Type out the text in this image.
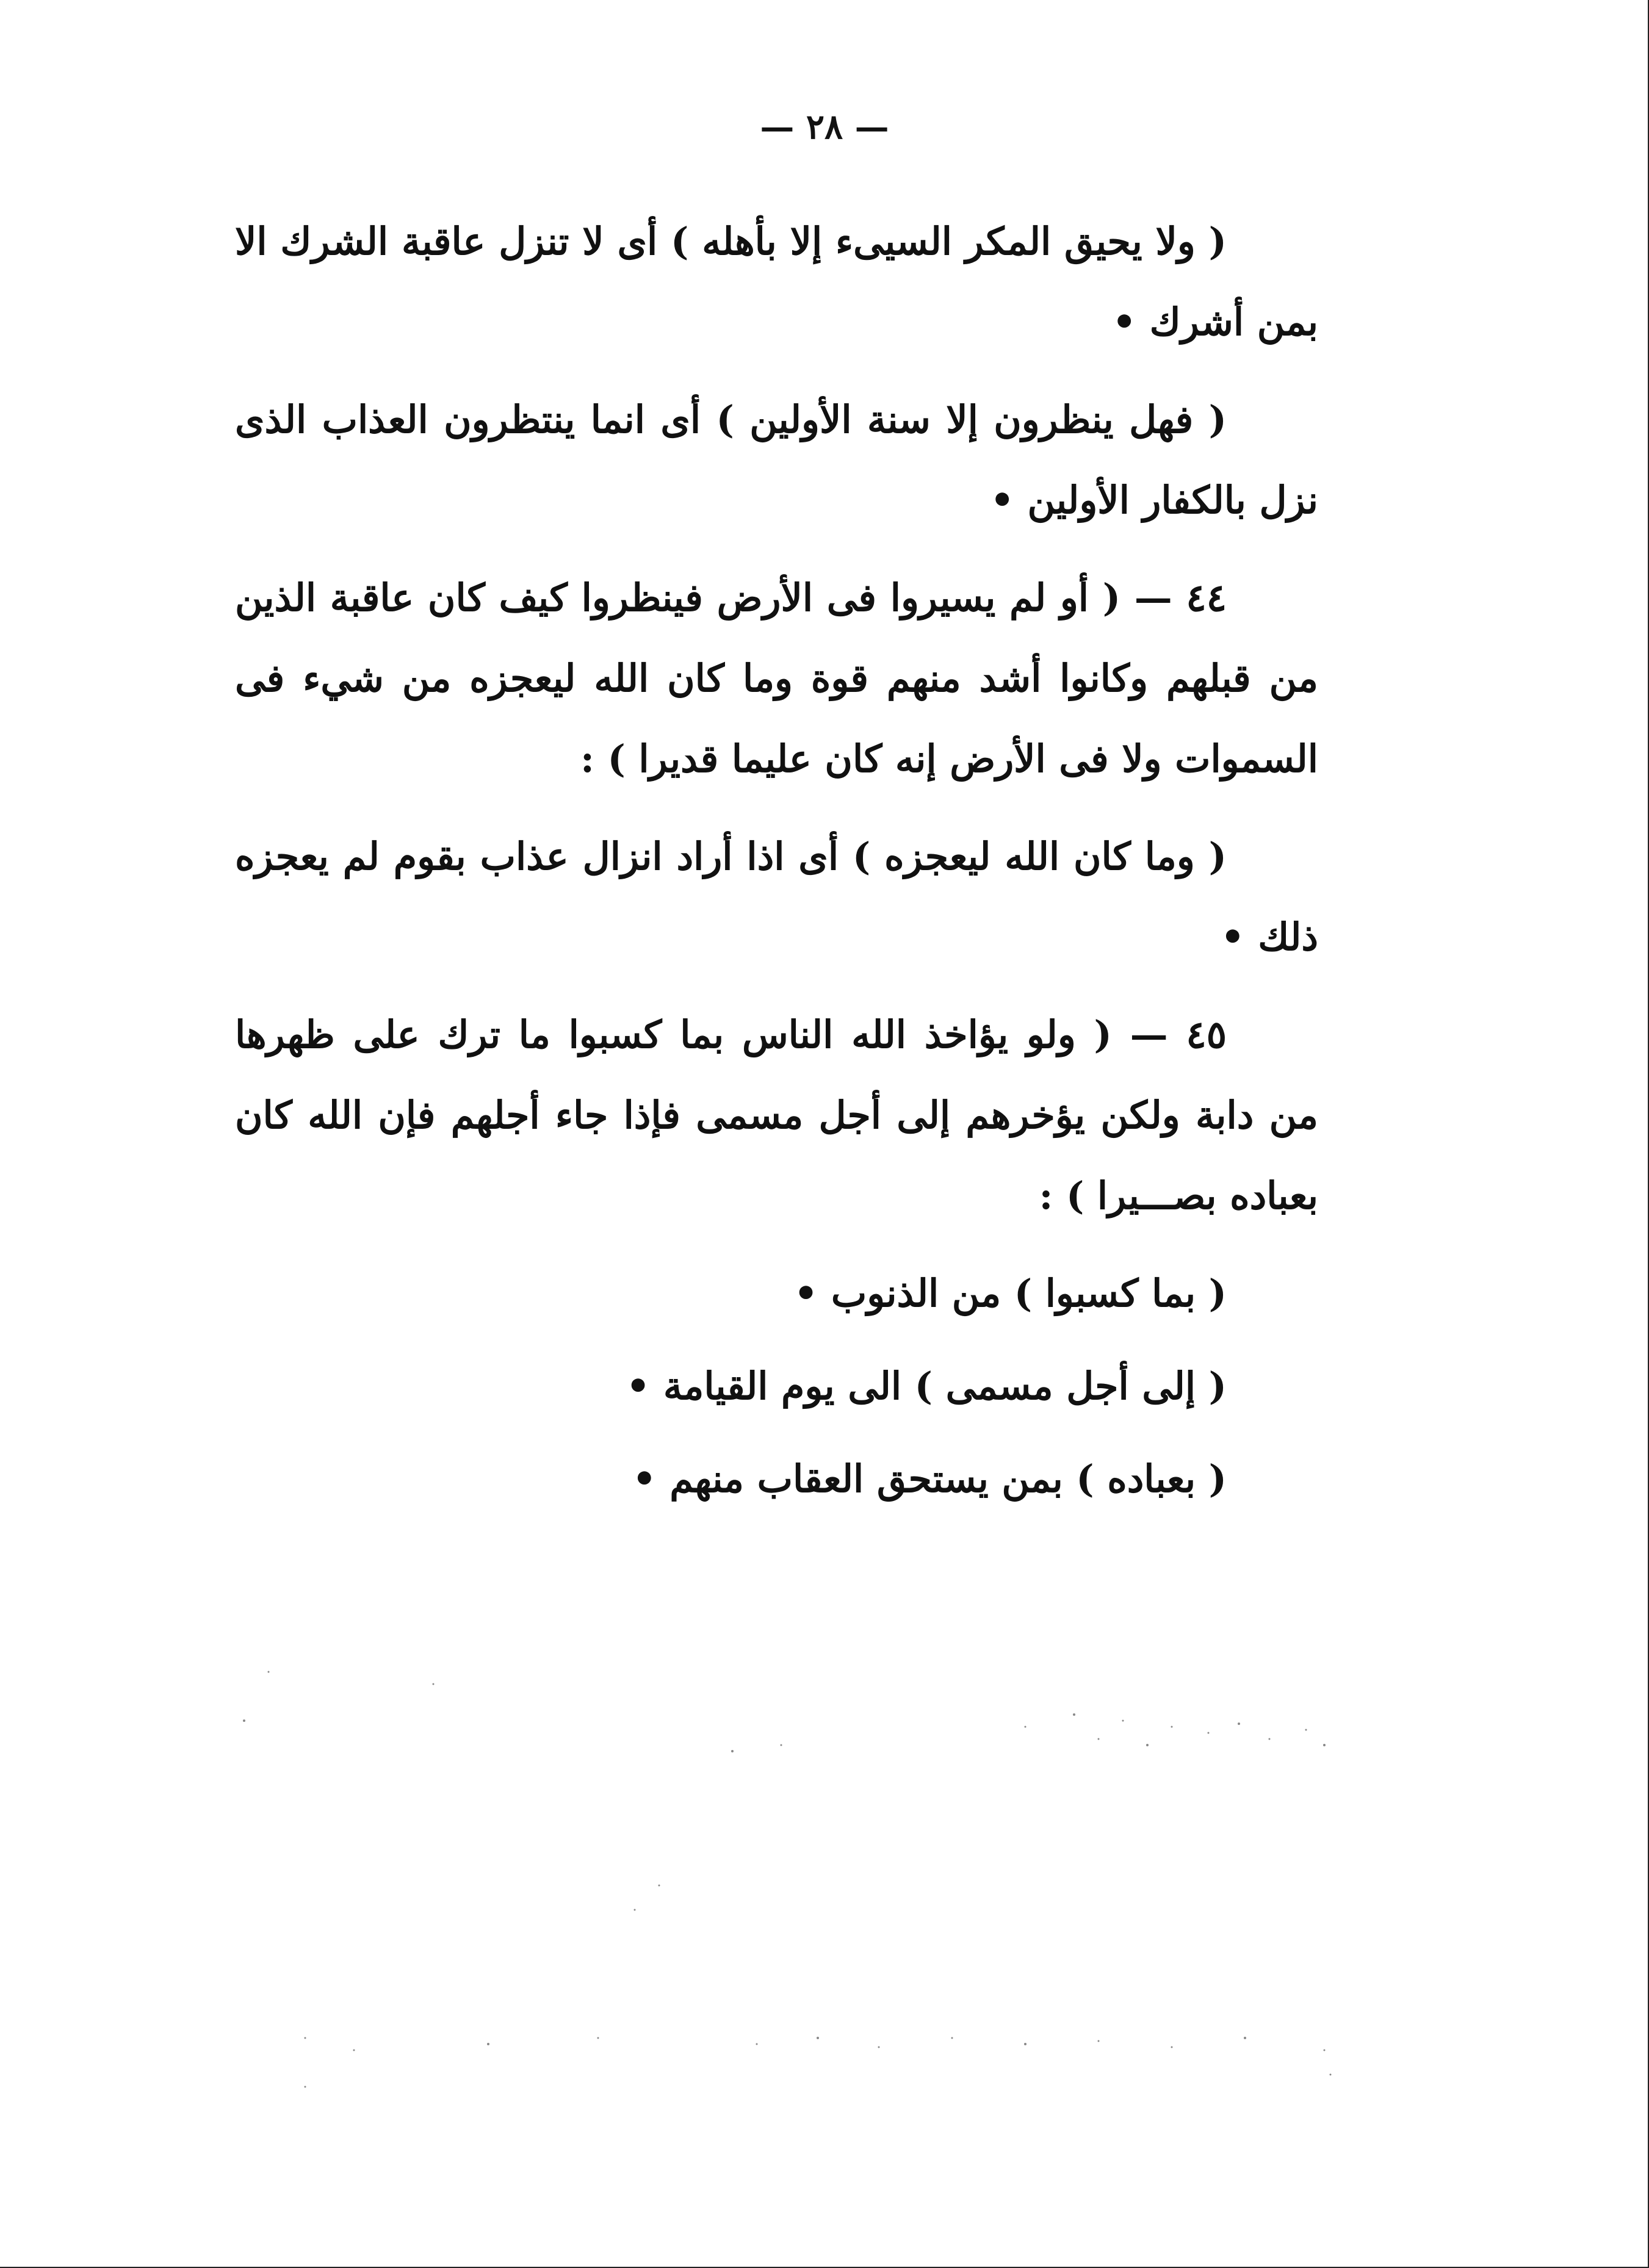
— ٢٨ —

( ولا يحيق المكر السيىء إلا بأهله ) أى لا تنزل عاقبة الشرك الا بمن أشرك •

( فهل ينظرون إلا سنة الأولين ) أى انما ينتظرون العذاب الذى نزل بالكفار الأولين •

٤٤ — ( أو لم يسيروا فى الأرض فينظروا كيف كان عاقبة الذين من قبلهم وكانوا أشد منهم قوة وما كان الله ليعجزه من شيء فى السموات ولا فى الأرض إنه كان عليما قديرا ) :

( وما كان الله ليعجزه ) أى اذا أراد انزال عذاب بقوم لم يعجزه ذلك •

٤٥ — ( ولو يؤاخذ الله الناس بما كسبوا ما ترك على ظهرها من دابة ولكن يؤخرهم إلى أجل مسمى فإذا جاء أجلهم فإن الله كان بعباده بصـــيرا ) :

( بما كسبوا ) من الذنوب •

( إلى أجل مسمى ) الى يوم القيامة •

( بعباده ) بمن يستحق العقاب منهم •
